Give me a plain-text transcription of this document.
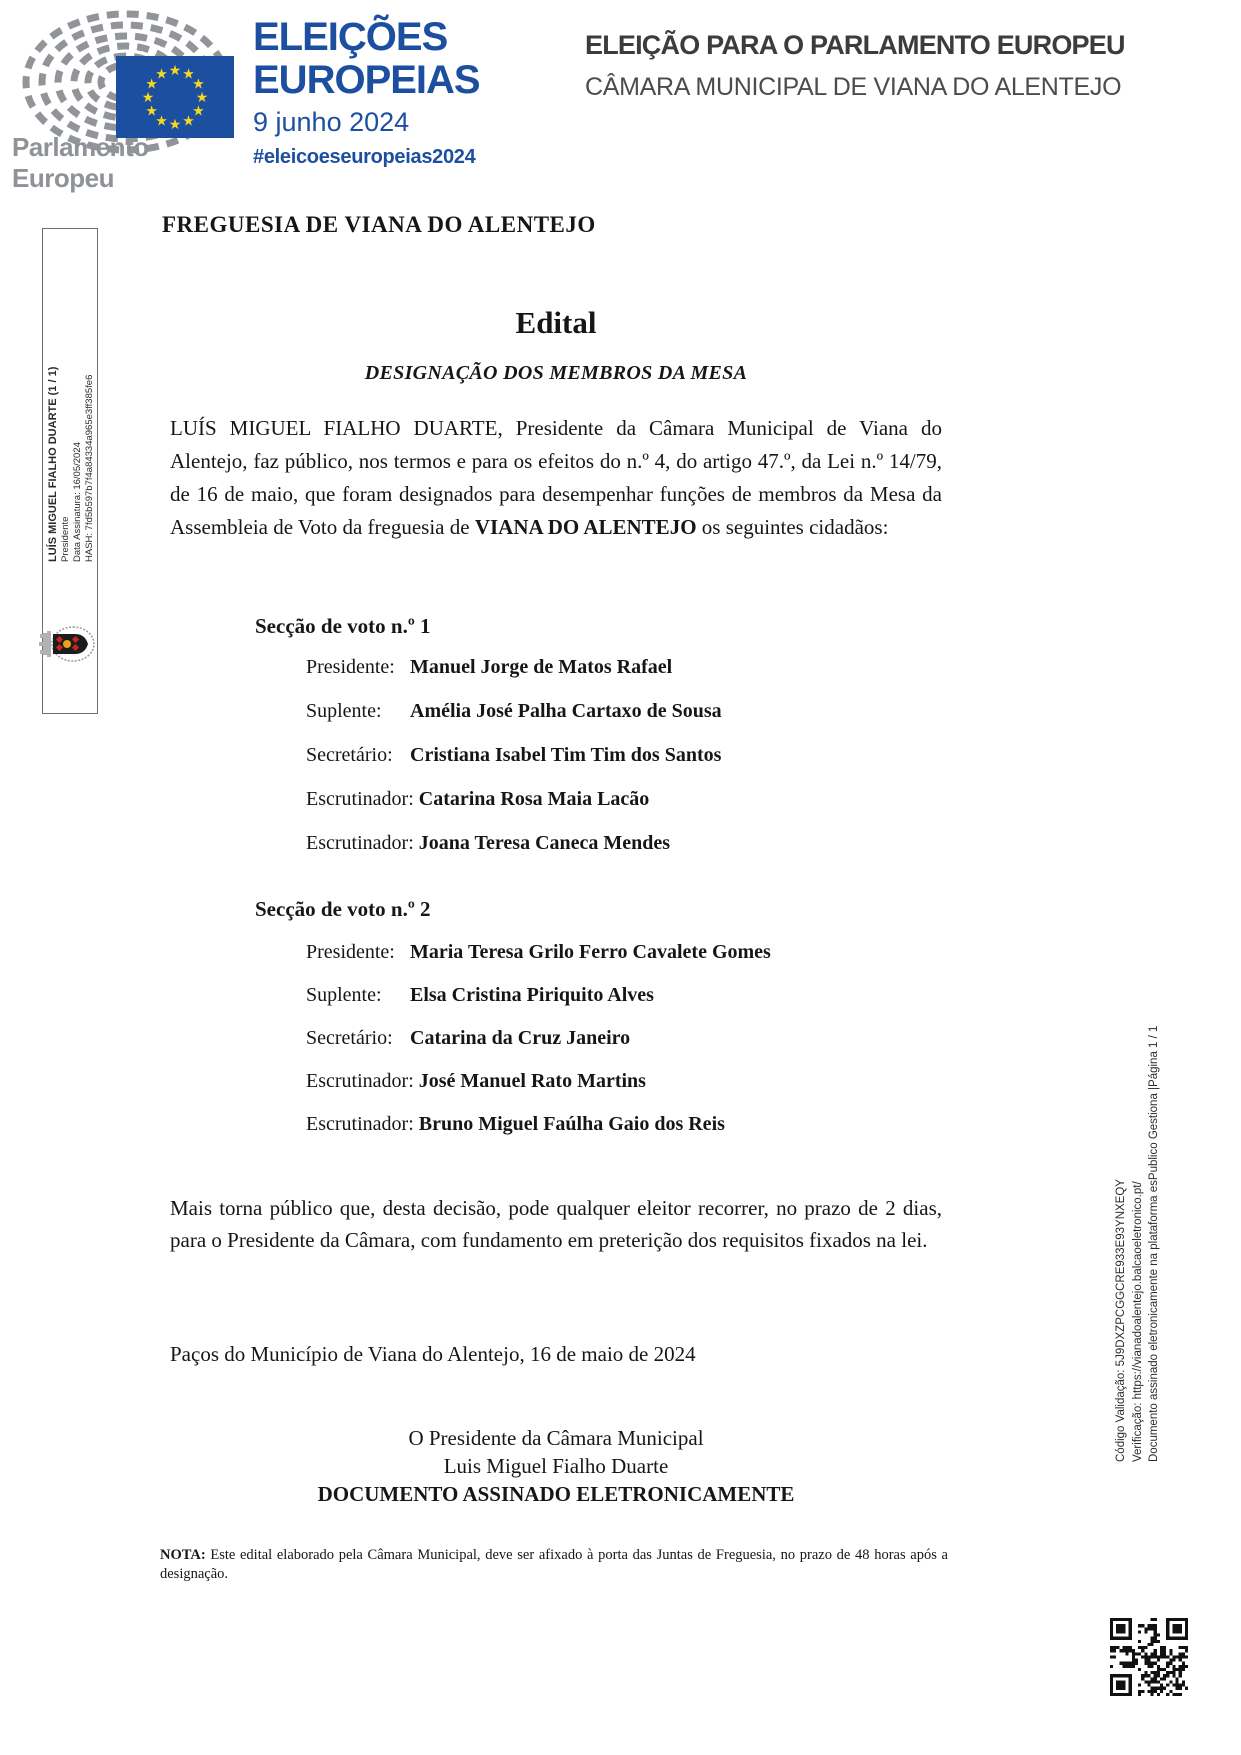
★ ★
★
★
★
★
★
★
★
★
★
★
Parlamento Europeu
ELEIÇÕES
EUROPEIAS
9 junho 2024
#eleicoeseuropeias2024
ELEIÇÃO PARA O PARLAMENTO EUROPEU
CÂMARA MUNICIPAL DE VIANA DO ALENTEJO
LUÍS MIGUEL FIALHO DUARTE (1 / 1) Presidente Data Assinatura: 16/05/2024 HASH: 7fd5b597b7f4a84334a965e3ff385fe6
FREGUESIA DE VIANA DO ALENTEJO
Edital
DESIGNAÇÃO DOS MEMBROS DA MESA
LUÍS MIGUEL FIALHO DUARTE, Presidente da Câmara Municipal de Viana do Alentejo, faz público, nos termos e para os efeitos do n.º 4, do artigo 47.º, da Lei n.º 14/79, de 16 de maio, que foram designados para desempenhar funções de membros da Mesa da Assembleia de Voto da freguesia de VIANA DO ALENTEJO os seguintes cidadãos:
Secção de voto n.º 1
Presidente: Manuel Jorge de Matos Rafael
Suplente: Amélia José Palha Cartaxo de Sousa
Secretário: Cristiana Isabel Tim Tim dos Santos
Escrutinador: Catarina Rosa Maia Lacão
Escrutinador: Joana Teresa Caneca Mendes
Secção de voto n.º 2
Presidente: Maria Teresa Grilo Ferro Cavalete Gomes
Suplente: Elsa Cristina Piriquito Alves
Secretário: Catarina da Cruz Janeiro
Escrutinador: José Manuel Rato Martins
Escrutinador: Bruno Miguel Faúlha Gaio dos Reis
Mais torna público que, desta decisão, pode qualquer eleitor recorrer, no prazo de 2 dias, para o Presidente da Câmara, com fundamento em preterição dos requisitos fixados na lei.
Paços do Município de Viana do Alentejo, 16 de maio de 2024
O Presidente da Câmara Municipal
Luis Miguel Fialho Duarte
DOCUMENTO ASSINADO ELETRONICAMENTE
NOTA: Este edital elaborado pela Câmara Municipal, deve ser afixado à porta das Juntas de Freguesia, no prazo de 48 horas após a designação.
Código Validação: 5J9DXZPCGGCRE933E93YNXEQY Verificação: https://vianadoalentejo.balcaoeletronico.pt/ Documento assinado eletronicamente na plataforma esPublico Gestiona |Página 1 / 1
